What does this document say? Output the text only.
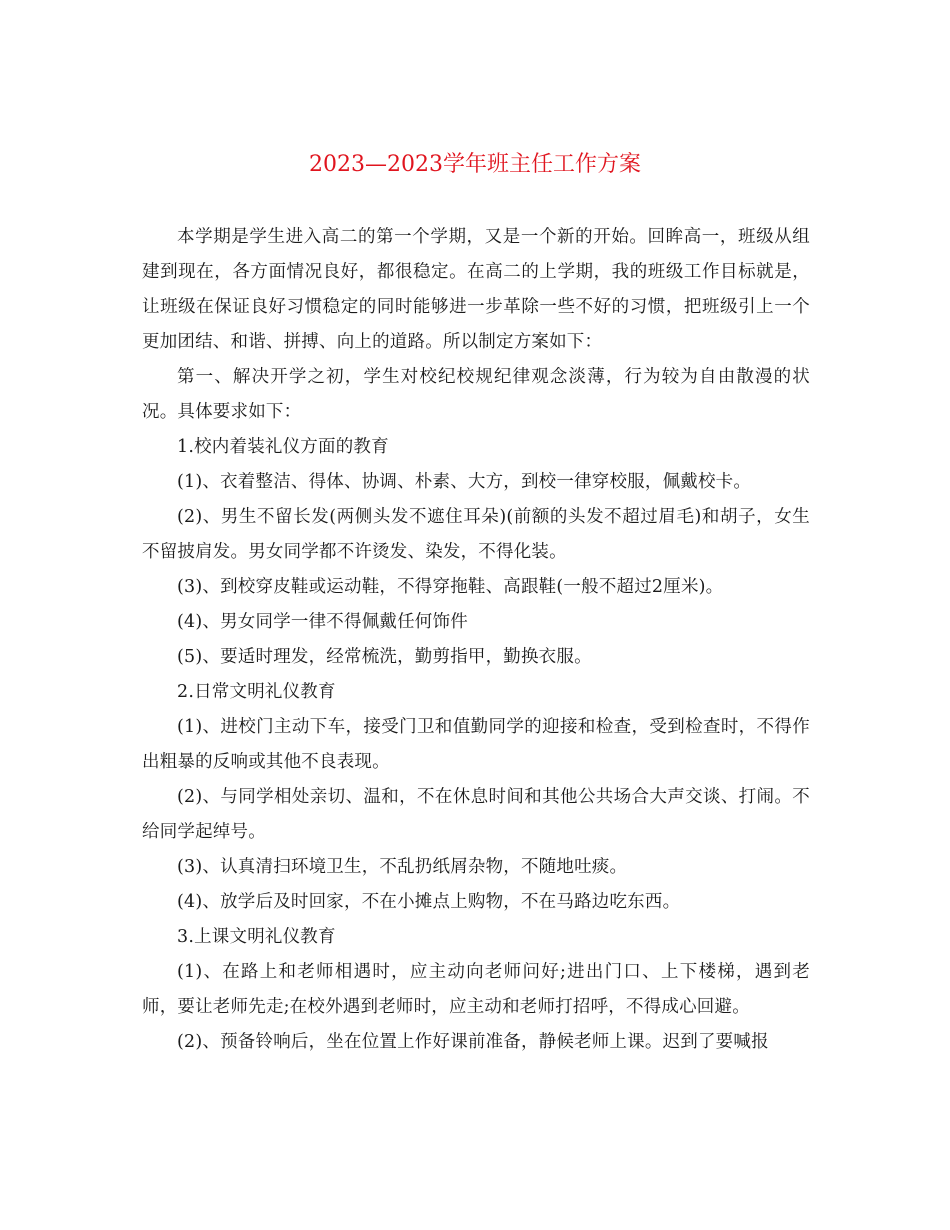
2023—2023学年班主任工作方案

本学期是学生进入高二的第一个学期，又是一个新的开始。回眸高一，班级从组建到现在，各方面情况良好，都很稳定。在高二的上学期，我的班级工作目标就是，让班级在保证良好习惯稳定的同时能够进一步革除一些不好的习惯，把班级引上一个更加团结、和谐、拼搏、向上的道路。所以制定方案如下：

第一、解决开学之初，学生对校纪校规纪律观念淡薄，行为较为自由散漫的状况。具体要求如下：

1.校内着装礼仪方面的教育

(1)、衣着整洁、得体、协调、朴素、大方，到校一律穿校服，佩戴校卡。

(2)、男生不留长发(两侧头发不遮住耳朵)(前额的头发不超过眉毛)和胡子，女生不留披肩发。男女同学都不许烫发、染发，不得化装。

(3)、到校穿皮鞋或运动鞋，不得穿拖鞋、高跟鞋(一般不超过2厘米)。

(4)、男女同学一律不得佩戴任何饰件

(5)、要适时理发，经常梳洗，勤剪指甲，勤换衣服。

2.日常文明礼仪教育

(1)、进校门主动下车，接受门卫和值勤同学的迎接和检查，受到检查时，不得作出粗暴的反响或其他不良表现。

(2)、与同学相处亲切、温和，不在休息时间和其他公共场合大声交谈、打闹。不给同学起绰号。

(3)、认真清扫环境卫生，不乱扔纸屑杂物，不随地吐痰。

(4)、放学后及时回家，不在小摊点上购物，不在马路边吃东西。

3.上课文明礼仪教育

(1)、在路上和老师相遇时，应主动向老师问好;进出门口、上下楼梯，遇到老师，要让老师先走;在校外遇到老师时，应主动和老师打招呼，不得成心回避。

(2)、预备铃响后，坐在位置上作好课前准备，静候老师上课。迟到了要喊报
